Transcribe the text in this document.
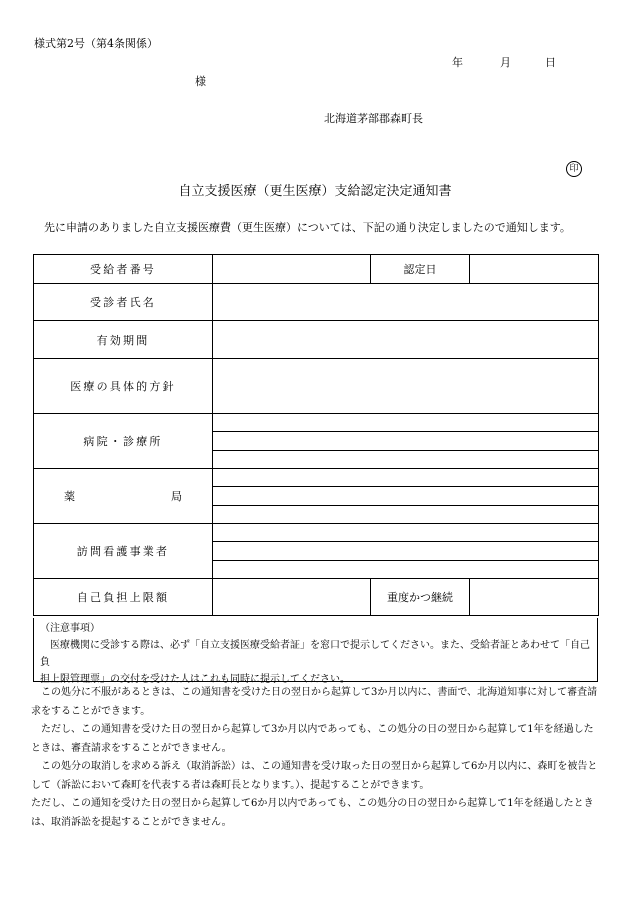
様式第2号（第4条関係）
年	月	日
様
北海道茅部郡森町長
印
自立支援医療（更生医療）支給認定決定通知書
先に申請のありました自立支援医療費（更生医療）については、下記の通り決定しましたので通知します。
受給者番号		認定日	
受診者氏名			
有効期間			
医療の具体的方針			
病院・診療所			

薬 局			

訪問看護事業者			

自己負担上限額		重度かつ継続	

（注意事項）

医療機関に受診する際は、必ず「自立支援医療受給者証」を窓口で提示してください。また、受給者証とあわせて「自己負

担上限管理票」の交付を受けた人はこれも同時に提示してください。

この処分に不服があるときは、この通知書を受けた日の翌日から起算して3か月以内に、書面で、北海道知事に対して審査請

求をすることができます。

ただし、この通知書を受けた日の翌日から起算して3か月以内であっても、この処分の日の翌日から起算して1年を経過した

ときは、審査請求をすることができません。

この処分の取消しを求める訴え（取消訴訟）は、この通知書を受け取った日の翌日から起算して6か月以内に、森町を被告と

して（訴訟において森町を代表する者は森町長となります。）、提起することができます。

ただし、この通知を受けた日の翌日から起算して6か月以内であっても、この処分の日の翌日から起算して1年を経過したとき

は、取消訴訟を提起することができません。
